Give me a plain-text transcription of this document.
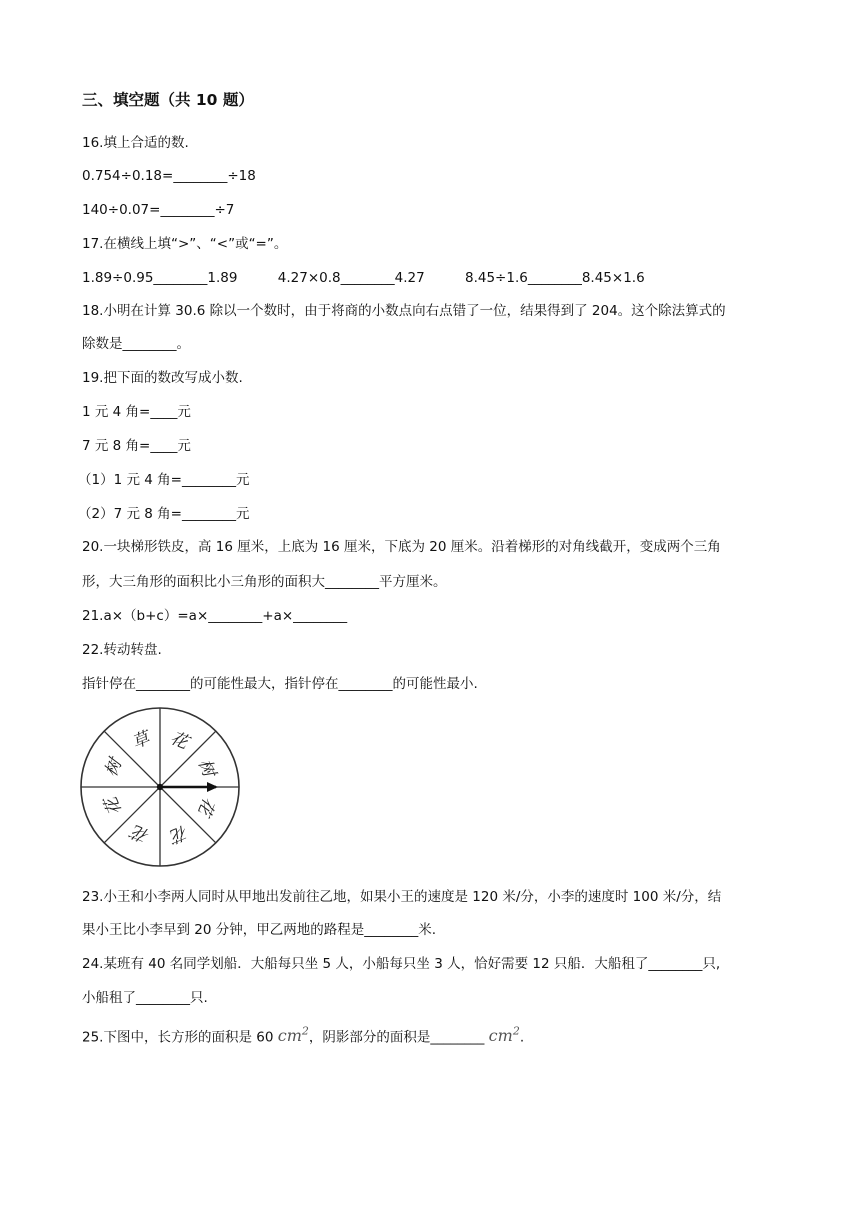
三、填空题（共 10 题）
16.填上合适的数.
0.754÷0.18=________÷18
140÷0.07=________÷7
17.在横线上填“>”、“<”或“=”。
1.89÷0.95________1.89	4.27×0.8________4.27	8.45÷1.6________8.45×1.6
18.小明在计算 30.6 除以一个数时，由于将商的小数点向右点错了一位，结果得到了 204。这个除法算式的
除数是________。
19.把下面的数改写成小数.
1 元 4 角=____元
7 元 8 角=____元
（1）1 元 4 角=________元
（2）7 元 8 角=________元
20.一块梯形铁皮，高 16 厘米，上底为 16 厘米，下底为 20 厘米。沿着梯形的对角线截开，变成两个三角
形，大三角形的面积比小三角形的面积大________平方厘米。
21.a×（b+c）=a×________+a×________
22.转动转盘.
指针停在________的可能性最大，指针停在________的可能性最小.
花
树
花
花
花
花
树
草
23.小王和小李两人同时从甲地出发前往乙地，如果小王的速度是 120 米/分，小李的速度时 100 米/分，结
果小王比小李早到 20 分钟，甲乙两地的路程是________米.
24.某班有 40 名同学划船．大船每只坐 5 人，小船每只坐 3 人，恰好需要 12 只船．大船租了________只,
小船租了________只.
25.下图中，长方形的面积是 60 $cm^2$，阴影部分的面积是________ $cm^2$.
